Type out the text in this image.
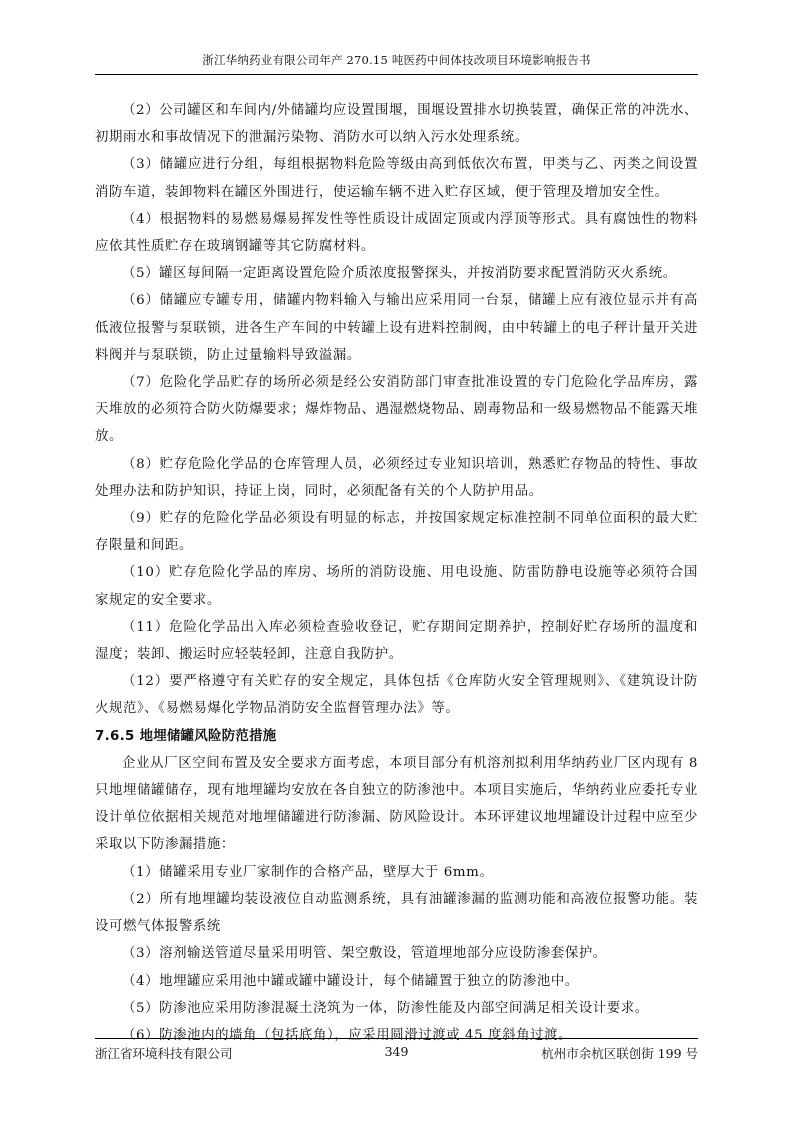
浙江华纳药业有限公司年产 270.15 吨医药中间体技改项目环境影响报告书

（2）公司罐区和车间内/外储罐均应设置围堰，围堰设置排水切换装置，确保正常的冲洗水、初期雨水和事故情况下的泄漏污染物、消防水可以纳入污水处理系统。

（3）储罐应进行分组，每组根据物料危险等级由高到低依次布置，甲类与乙、丙类之间设置消防车道，装卸物料在罐区外围进行，使运输车辆不进入贮存区域，便于管理及增加安全性。

（4）根据物料的易燃易爆易挥发性等性质设计成固定顶或内浮顶等形式。具有腐蚀性的物料应依其性质贮存在玻璃钢罐等其它防腐材料。

（5）罐区每间隔一定距离设置危险介质浓度报警探头，并按消防要求配置消防灭火系统。

（6）储罐应专罐专用，储罐内物料输入与输出应采用同一台泵，储罐上应有液位显示并有高低液位报警与泵联锁，进各生产车间的中转罐上设有进料控制阀，由中转罐上的电子秤计量开关进料阀并与泵联锁，防止过量输料导致溢漏。

（7）危险化学品贮存的场所必须是经公安消防部门审查批准设置的专门危险化学品库房，露天堆放的必须符合防火防爆要求；爆炸物品、遇湿燃烧物品、剧毒物品和一级易燃物品不能露天堆放。

（8）贮存危险化学品的仓库管理人员，必须经过专业知识培训，熟悉贮存物品的特性、事故处理办法和防护知识，持证上岗，同时，必须配备有关的个人防护用品。

（9）贮存的危险化学品必须设有明显的标志，并按国家规定标准控制不同单位面积的最大贮存限量和间距。

（10）贮存危险化学品的库房、场所的消防设施、用电设施、防雷防静电设施等必须符合国家规定的安全要求。

（11）危险化学品出入库必须检查验收登记，贮存期间定期养护，控制好贮存场所的温度和湿度；装卸、搬运时应轻装轻卸，注意自我防护。

（12）要严格遵守有关贮存的安全规定，具体包括《仓库防火安全管理规则》、《建筑设计防火规范》、《易燃易爆化学物品消防安全监督管理办法》等。

7.6.5 地埋储罐风险防范措施

企业从厂区空间布置及安全要求方面考虑，本项目部分有机溶剂拟利用华纳药业厂区内现有 8 只地埋储罐储存，现有地埋罐均安放在各自独立的防渗池中。本项目实施后，华纳药业应委托专业设计单位依据相关规范对地埋储罐进行防渗漏、防风险设计。本环评建议地埋罐设计过程中应至少采取以下防渗漏措施：

（1）储罐采用专业厂家制作的合格产品，壁厚大于 6mm。

（2）所有地埋罐均装设液位自动监测系统，具有油罐渗漏的监测功能和高液位报警功能。装设可燃气体报警系统

（3）溶剂输送管道尽量采用明管、架空敷设，管道埋地部分应设防渗套保护。

（4）地埋罐应采用池中罐或罐中罐设计，每个储罐置于独立的防渗池中。

（5）防渗池应采用防渗混凝土浇筑为一体，防渗性能及内部空间满足相关设计要求。

（6）防渗池内的墙角（包括底角），应采用圆滑过渡或 45 度斜角过渡。

浙江省环境科技有限公司	349	杭州市余杭区联创街 199 号
